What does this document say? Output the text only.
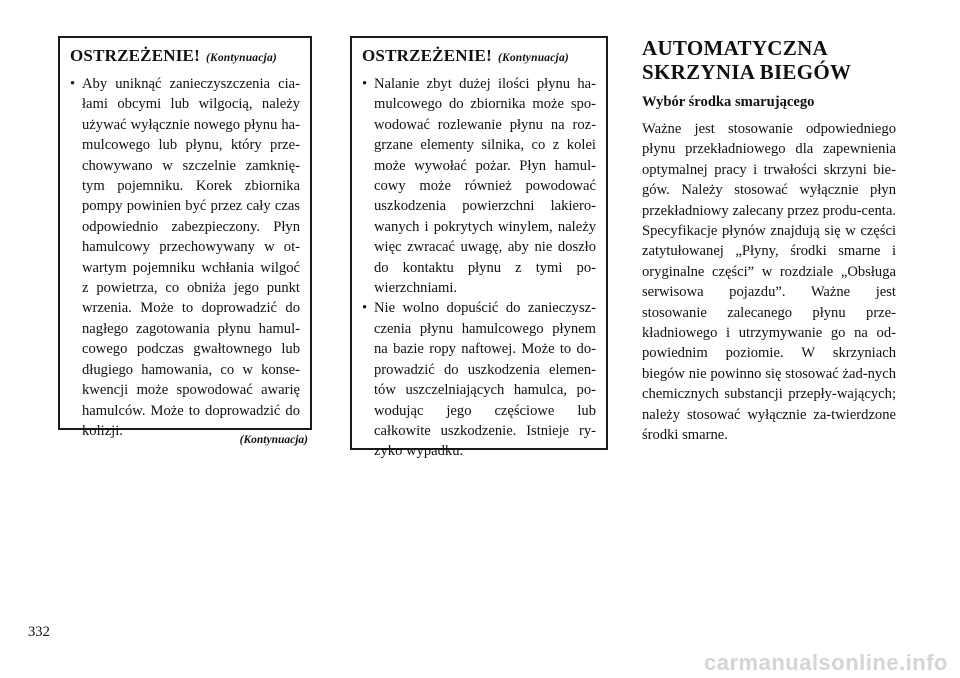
OSTRZEŻENIE! (Kontynuacja)

• Aby uniknąć zanieczyszczenia cia-łami obcymi lub wilgocią, należy używać wyłącznie nowego płynu ha-mulcowego lub płynu, który prze-chowywano w szczelnie zamknię-tym pojemniku. Korek zbiornika pompy powinien być przez cały czas odpowiednio zabezpieczony. Płyn hamulcowy przechowywany w ot-wartym pojemniku wchłania wilgoć z powietrza, co obniża jego punkt wrzenia. Może to doprowadzić do nagłego zagotowania płynu hamul-cowego podczas gwałtownego lub długiego hamowania, co w konse-kwencji może spowodować awarię hamulców. Może to doprowadzić do kolizji.

(Kontynuacja)
OSTRZEŻENIE! (Kontynuacja)

• Nalanie zbyt dużej ilości płynu ha-mulcowego do zbiornika może spo-wodować rozlewanie płynu na roz-grzane elementy silnika, co z kolei może wywołać pożar. Płyn hamul-cowy może również powodować uszkodzenia powierzchni lakiero-wanych i pokrytych winylem, należy więc zwracać uwagę, aby nie doszło do kontaktu płynu z tymi po-wierzchniami.

• Nie wolno dopuścić do zanieczysz-czenia płynu hamulcowego płynem na bazie ropy naftowej. Może to do-prowadzić do uszkodzenia elemen-tów uszczelniających hamulca, po-wodując jego częściowe lub całkowite uszkodzenie. Istnieje ry-zyko wypadku.

AUTOMATYCZNA
SKRZYNIA BIEGÓW
Wybór środka smarującego

Ważne jest stosowanie odpowiedniego płynu przekładniowego dla zapewnienia optymalnej pracy i trwałości skrzyni bie-gów. Należy stosować wyłącznie płyn przekładniowy zalecany przez produ-centa. Specyfikacje płynów znajdują się w części zatytułowanej „Płyny, środki smarne i oryginalne części” w rozdziale „Obsługa serwisowa pojazdu”. Ważne jest stosowanie zalecanego płynu prze-kładniowego i utrzymywanie go na od-powiednim poziomie. W skrzyniach biegów nie powinno się stosować żad-nych chemicznych substancji przepły-wających; należy stosować wyłącznie za-twierdzone środki smarne.

332
carmanualsonline.info
